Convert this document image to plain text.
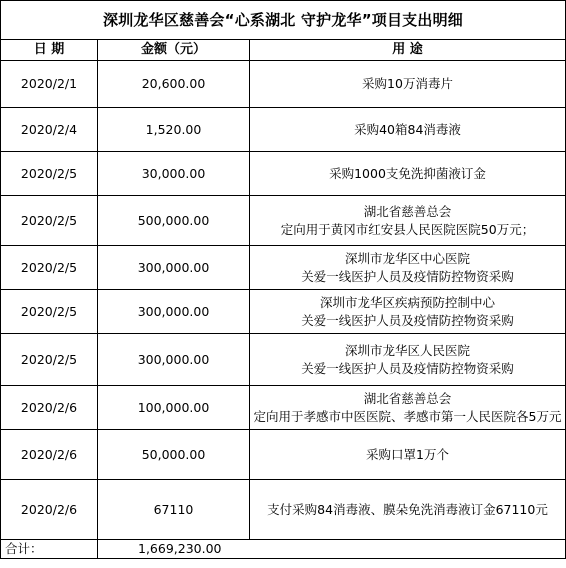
深圳龙华区慈善会“心系湖北 守护龙华”项目支出明细		
日 期	金额（元）	用 途
2020/2/1	20,600.00	采购10万消毒片

2020/2/4	1,520.00	采购40箱84消毒液

2020/2/5	30,000.00	采购1000支免洗抑菌液订金

2020/2/5	500,000.00	湖北省慈善总会
定向用于黄冈市红安县人民医院医院50万元；

2020/2/5	300,000.00	深圳市龙华区中心医院
关爱一线医护人员及疫情防控物资采购

2020/2/5	300,000.00	深圳市龙华区疾病预防控制中心
关爱一线医护人员及疫情防控物资采购

2020/2/5	300,000.00	深圳市龙华区人民医院
关爱一线医护人员及疫情防控物资采购

2020/2/6	100,000.00	湖北省慈善总会
定向用于孝感市中医医院、孝感市第一人民医院各5万元

2020/2/6	50,000.00	采购口罩1万个

2020/2/6	67110	支付采购84消毒液、膜朵免洗消毒液订金67110元

合计：	1,669,230.00	
